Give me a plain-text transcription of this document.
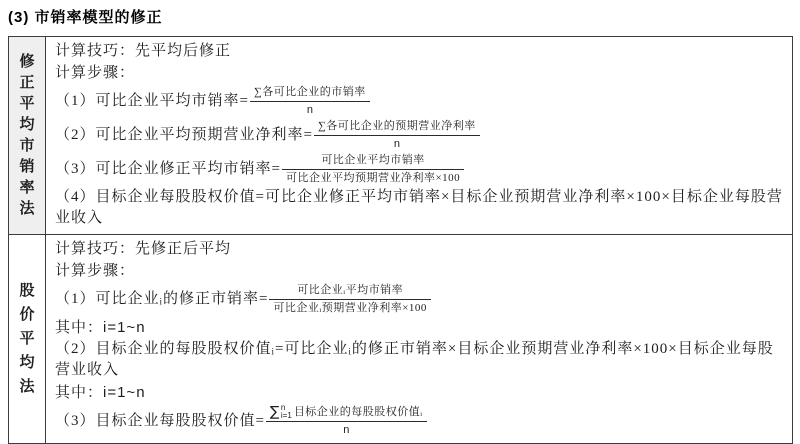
(3) 市销率模型的修正
修正平均市销率法

计算技巧：先平均后修正
计算步骤：
（1）可比企业平均市销率= $\frac{\text{∑各可比企业的市销率}}{n}$
（2）可比企业平均预期营业净利率= $\frac{\text{∑各可比企业的预期营业净利率}}{n}$
（3）可比企业修正平均市销率= $\frac{\text{可比企业平均市销率}}{\text{可比企业平均预期营业净利率×100}}$
（4）目标企业每股股权价值=可比企业修正平均市销率×目标企业预期营业净利率×100×目标企业每股营业收入

股价平均法

计算技巧：先修正后平均
计算步骤：
（1）可比企业ᵢ的修正市销率= $\frac{\text{可比企业ᵢ平均市销率}}{\text{可比企业ᵢ预期营业净利率×100}}$
其中：i=1~n
（2）目标企业的每股股权价值ᵢ=可比企业ᵢ的修正市销率×目标企业预期营业净利率×100×目标企业每股营业收入
其中：i=1~n
（3）目标企业每股股权价值= ∑ n
i=1 目标企业的每股股权价值ᵢ
n
